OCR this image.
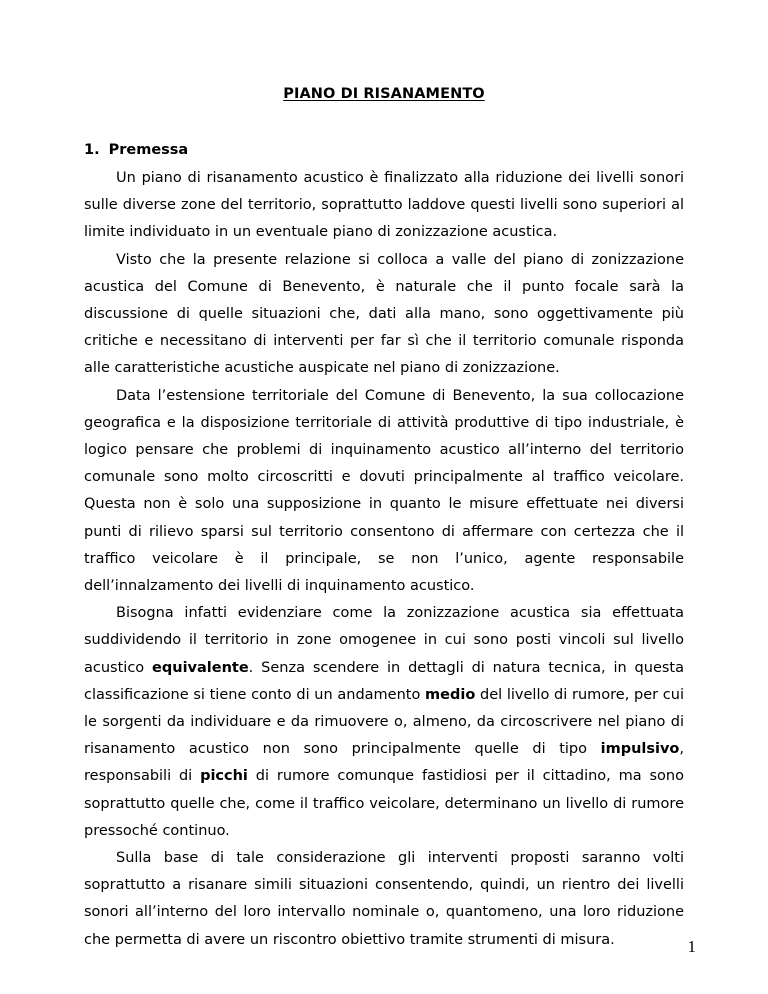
PIANO DI RISANAMENTO
1. Premessa

Un piano di risanamento acustico è finalizzato alla riduzione dei livelli sonori sulle diverse zone del territorio, soprattutto laddove questi livelli sono superiori al limite individuato in un eventuale piano di zonizzazione acustica.

Visto che la presente relazione si colloca a valle del piano di zonizzazione acustica del Comune di Benevento, è naturale che il punto focale sarà la discussione di quelle situazioni che, dati alla mano, sono oggettivamente più critiche e necessitano di interventi per far sì che il territorio comunale risponda alle caratteristiche acustiche auspicate nel piano di zonizzazione.

Data l’estensione territoriale del Comune di Benevento, la sua collocazione geografica e la disposizione territoriale di attività produttive di tipo industriale, è logico pensare che problemi di inquinamento acustico all’interno del territorio comunale sono molto circoscritti e dovuti principalmente al traffico veicolare. Questa non è solo una supposizione in quanto le misure effettuate nei diversi punti di rilievo sparsi sul territorio consentono di affermare con certezza che il traffico veicolare è il principale, se non l’unico, agente responsabile dell’innalzamento dei livelli di inquinamento acustico.

Bisogna infatti evidenziare come la zonizzazione acustica sia effettuata suddividendo il territorio in zone omogenee in cui sono posti vincoli sul livello acustico equivalente. Senza scendere in dettagli di natura tecnica, in questa classificazione si tiene conto di un andamento medio del livello di rumore, per cui le sorgenti da individuare e da rimuovere o, almeno, da circoscrivere nel piano di risanamento acustico non sono principalmente quelle di tipo impulsivo, responsabili di picchi di rumore comunque fastidiosi per il cittadino, ma sono soprattutto quelle che, come il traffico veicolare, determinano un livello di rumore pressoché continuo.

Sulla base di tale considerazione gli interventi proposti saranno volti soprattutto a risanare simili situazioni consentendo, quindi, un rientro dei livelli sonori all’interno del loro intervallo nominale o, quantomeno, una loro riduzione che permetta di avere un riscontro obiettivo tramite strumenti di misura.	1
